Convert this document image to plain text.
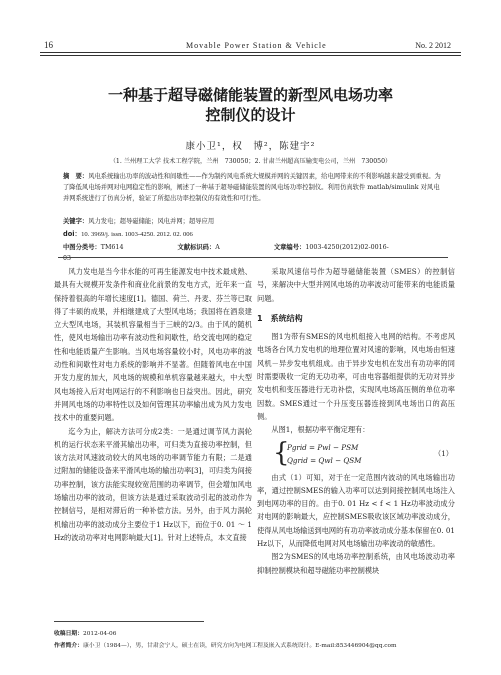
16	Movable Power Station & Vehicle	No. 2 2012
一种基于超导磁储能装置的新型风电场功率
控制仪的设计
康小卫¹，权　博²，陈建宇²
（1. 兰州理工大学 技术工程学院，兰州　730050；2. 甘肃兰州超高压输变电公司，兰州　730050）
摘　要：风电系统输出功率的波动性和间歇性——作为制约风电系统大规模并网的关键因素，给电网带来的不利影响越来越受到重视。为了降低风电场并网对电网稳定性的影响，阐述了一种基于超导磁储能装置的风电场功率控制仪。利用仿真软件 matlab/simulink 对风电并网系统进行了仿真分析，验证了所提出功率控制仪的有效性和可行性。
关键字：风力发电；超导磁储能；风电并网；超导应用
doi：10. 3969/j. issn. 1003-4250. 2012. 02. 006
中图分类号：TM614	文献标识码：A	文章编号：1003-4250(2012)02-0016-03

风力发电是当今非水能的可再生能源发电中技术最成熟、最具有大规模开发条件和商业化前景的发电方式，近年来一直保持着很高的年增长速度[1]。德国、荷兰、丹麦、芬兰等已取得了丰硕的成果，并相继建成了大型风电场；我国将在酒泉建立大型风电场，其装机容量相当于三峡的2/3。由于风的随机性，使风电场输出功率有波动性和间歇性，给交流电网的稳定性和电能质量产生影响。当风电场容量较小时，风电功率的波动性和间歇性对电力系统的影响并不显著。但随着风电在中国开发力度的加大，风电场的规模和单机容量越来越大，中大型风电场接入后对电网运行的不利影响也日益突出。因此，研究并网风电场的功率特性以及如何管理其功率输出成为风力发电技术中的重要问题。

迄今为止，解决方法可分成2类：一是通过调节风力涡轮机的运行状态来平滑其输出功率，可归类为直接功率控制，但该方法对风速波动较大的风电场的功率调节能力有限；二是通过附加的储能设备来平滑风电场的输出功率[3]，可归类为间接功率控制，该方法能实现较宽范围的功率调节，但会增加风电场输出功率的波动，但该方法是通过采取波动引起的波动作为控制信号，是相对滞后的一种补偿方法。另外，由于风力涡轮机输出功率的波动成分主要位于1 Hz以下，而位于0. 01 ～ 1 Hz的波动功率对电网影响最大[1]。针对上述特点，本文直接

采取风速信号作为超导磁储能装置（SMES）的控制信号，来解决中大型并网风电场的功率波动可能带来的电能质量问题。

1　系统结构

图1为带有SMES的风电机组接入电网的结构。不考虑风电场各台风力发电机的地理位置对风速的影响，风电场由恒速风机－异步发电机组成。由于异步发电机在发出有功功率的同时需要吸收一定的无功功率，可由电容器组提供的无功对异步发电机和变压器进行无功补偿，实现风电场高压侧的单位功率因数。SMES通过一个升压变压器连接到风电场出口的高压侧。

从图1，根据功率平衡定理有：

{
Pgrid = Pwl − PSM
Qgrid = Qwl − QSM
（1）

由式（1）可知，对于在一定范围内波动的风电场输出功率，通过控制SMES的输入功率可以达到间接控制风电场注入到电网功率的目的。由于0. 01 Hz < f < 1 Hz功率波动成分对电网的影响最大，应控制SMES吸收该区域功率波动成分，使得从风电场输送到电网的有功功率波动成分基本保留在0. 01 Hz以下，从而降低电网对风电场输出功率波动的敏感性。

图2为SMES的风电场功率控制系统，由风电场波动功率抑制控制模块和超导磁能功率控制模块

收稿日期：2012-04-06
作者简介：康小卫（1984—），男，甘肃会宁人，硕士在读，研究方向为电网工程及嵌入式系统设计。E-mail:853446904@qq.com
